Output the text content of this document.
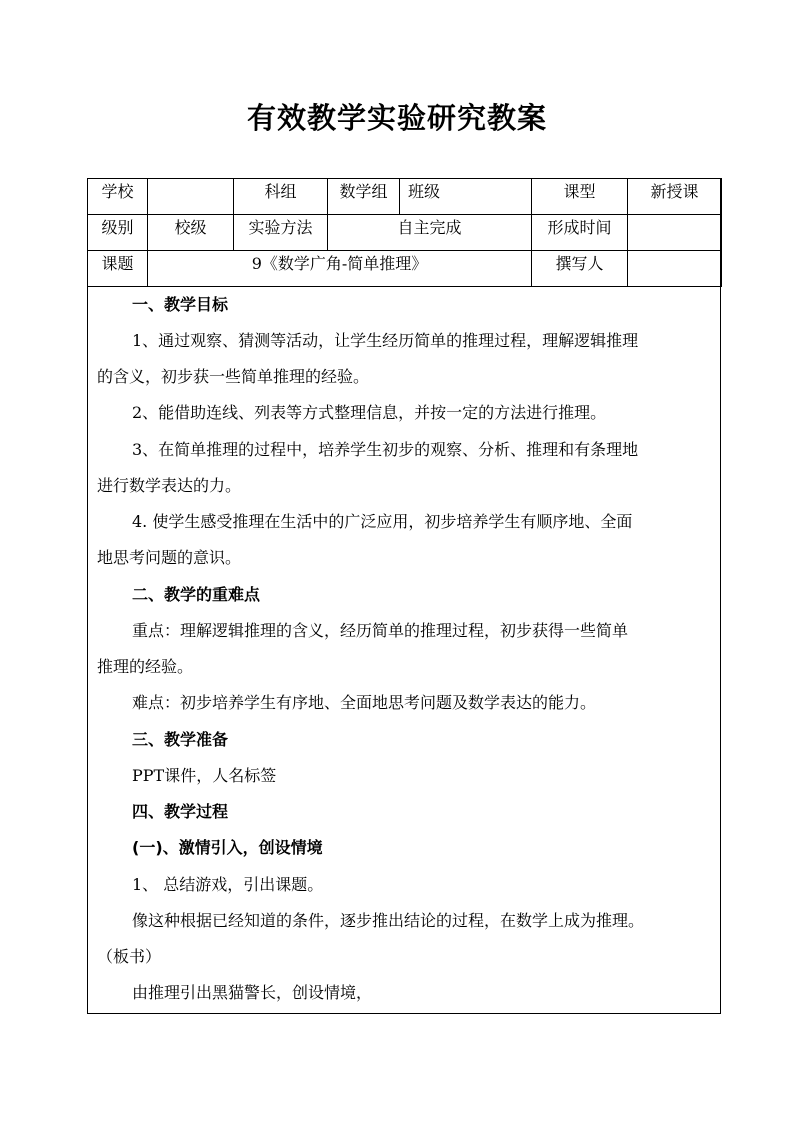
有效教学实验研究教案
学校		科组	数学组	班级	课型	新授课
级别	校级	实验方法	自主完成		形成时间	
课题	9《数学广角-简单推理》				撰写人	
一、教学目标
1、通过观察、猜测等活动，让学生经历简单的推理过程，理解逻辑推理
的含义，初步获一些简单推理的经验。
2、能借助连线、列表等方式整理信息，并按一定的方法进行推理。
3、在简单推理的过程中，培养学生初步的观察、分析、推理和有条理地
进行数学表达的力。
4. 使学生感受推理在生活中的广泛应用，初步培养学生有顺序地、全面
地思考问题的意识。
二、教学的重难点
重点：理解逻辑推理的含义，经历简单的推理过程，初步获得一些简单
推理的经验。
难点：初步培养学生有序地、全面地思考问题及数学表达的能力。
三、教学准备
PPT课件，人名标签
四、教学过程
(一)、激情引入，创设情境
1、 总结游戏，引出课题。
像这种根据已经知道的条件，逐步推出结论的过程，在数学上成为推理。
（板书）
由推理引出黑猫警长，创设情境，
